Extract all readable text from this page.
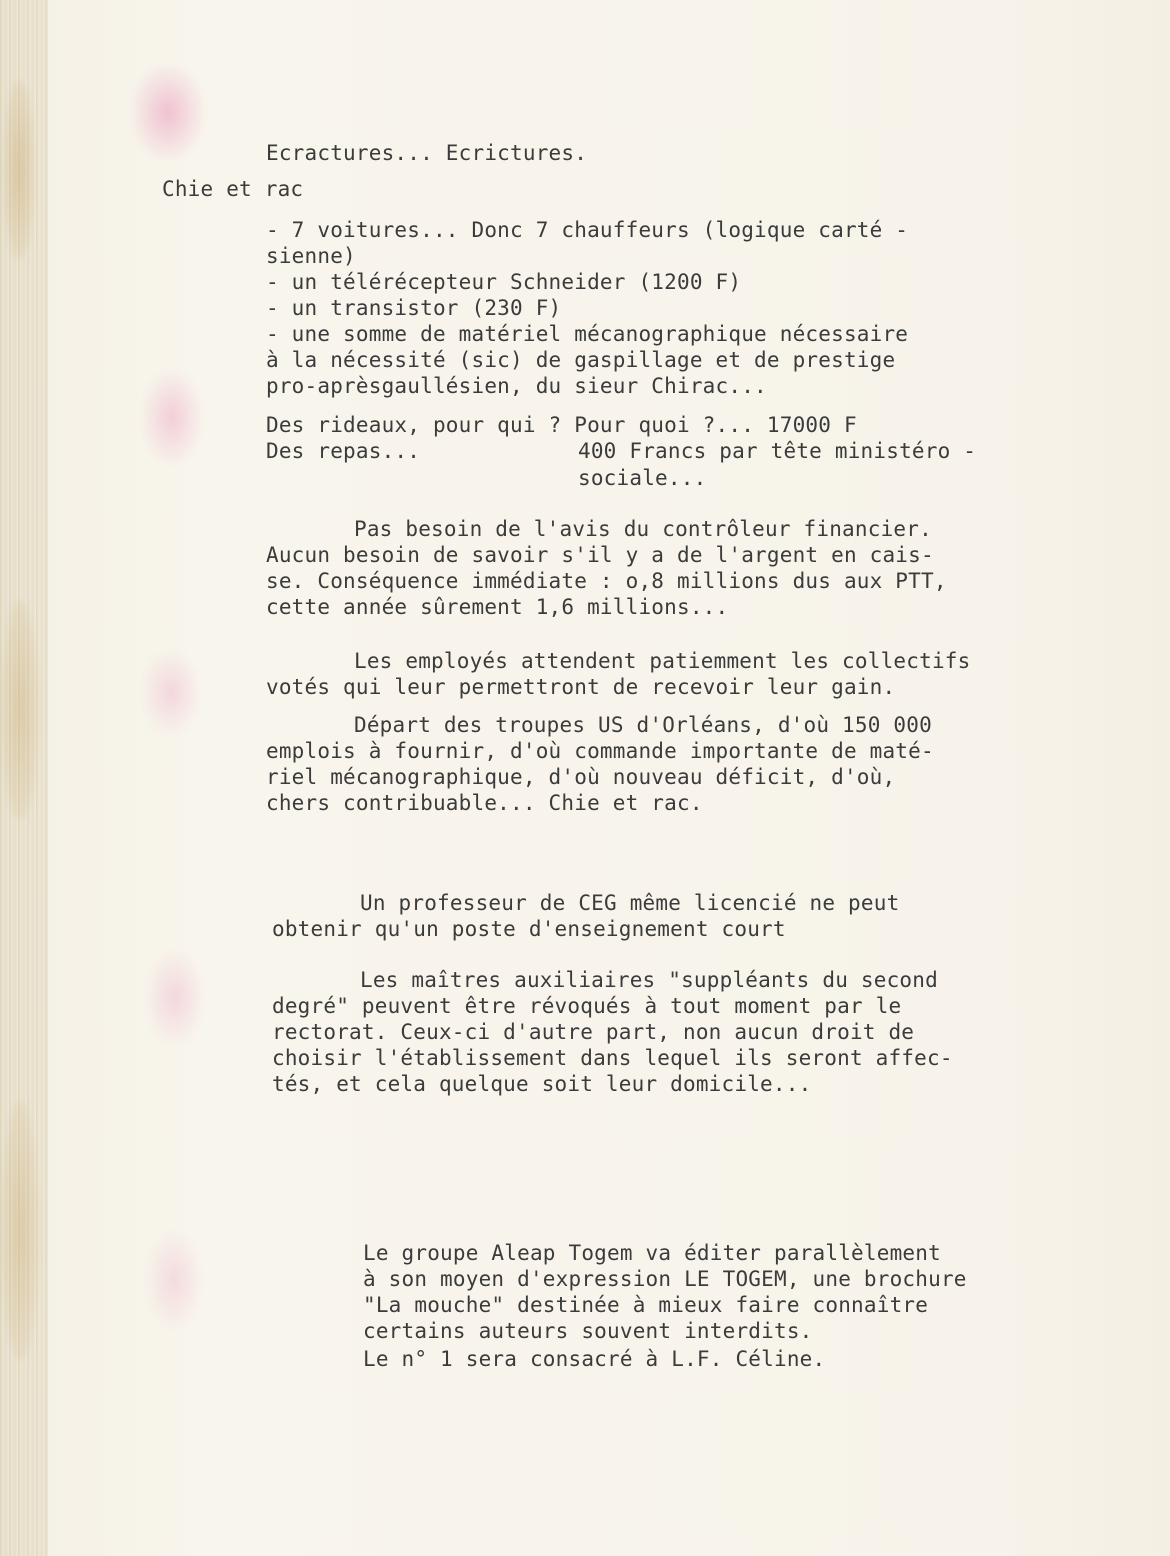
Ecractures... Ecrictures.
Chie et rac
- 7 voitures... Donc 7 chauffeurs (logique carté -
sienne)
- un télérécepteur Schneider (1200 F)
- un transistor (230 F)
- une somme de matériel mécanographique nécessaire
à la nécessité (sic) de gaspillage et de prestige
pro-aprèsgaullésien, du sieur Chirac...
Des rideaux, pour qui ? Pour quoi ?... 17000 F
Des repas...	400 Francs par tête ministéro -
sociale...
Pas besoin de l'avis du contrôleur financier.
Aucun besoin de savoir s'il y a de l'argent en cais-
se. Conséquence immédiate : o,8 millions dus aux PTT,
cette année sûrement 1,6 millions...
Les employés attendent patiemment les collectifs
votés qui leur permettront de recevoir leur gain.
Départ des troupes US d'Orléans, d'où 150 000
emplois à fournir, d'où commande importante de maté-
riel mécanographique, d'où nouveau déficit, d'où,
chers contribuable... Chie et rac.
Un professeur de CEG même licencié ne peut
obtenir qu'un poste d'enseignement court
Les maîtres auxiliaires "suppléants du second
degré" peuvent être révoqués à tout moment par le
rectorat. Ceux-ci d'autre part, non aucun droit de
choisir l'établissement dans lequel ils seront affec-
tés, et cela quelque soit leur domicile...
Le groupe Aleap Togem va éditer parallèlement
à son moyen d'expression LE TOGEM, une brochure
"La mouche" destinée à mieux faire connaître
certains auteurs souvent interdits.
Le n° 1 sera consacré à L.F. Céline.
